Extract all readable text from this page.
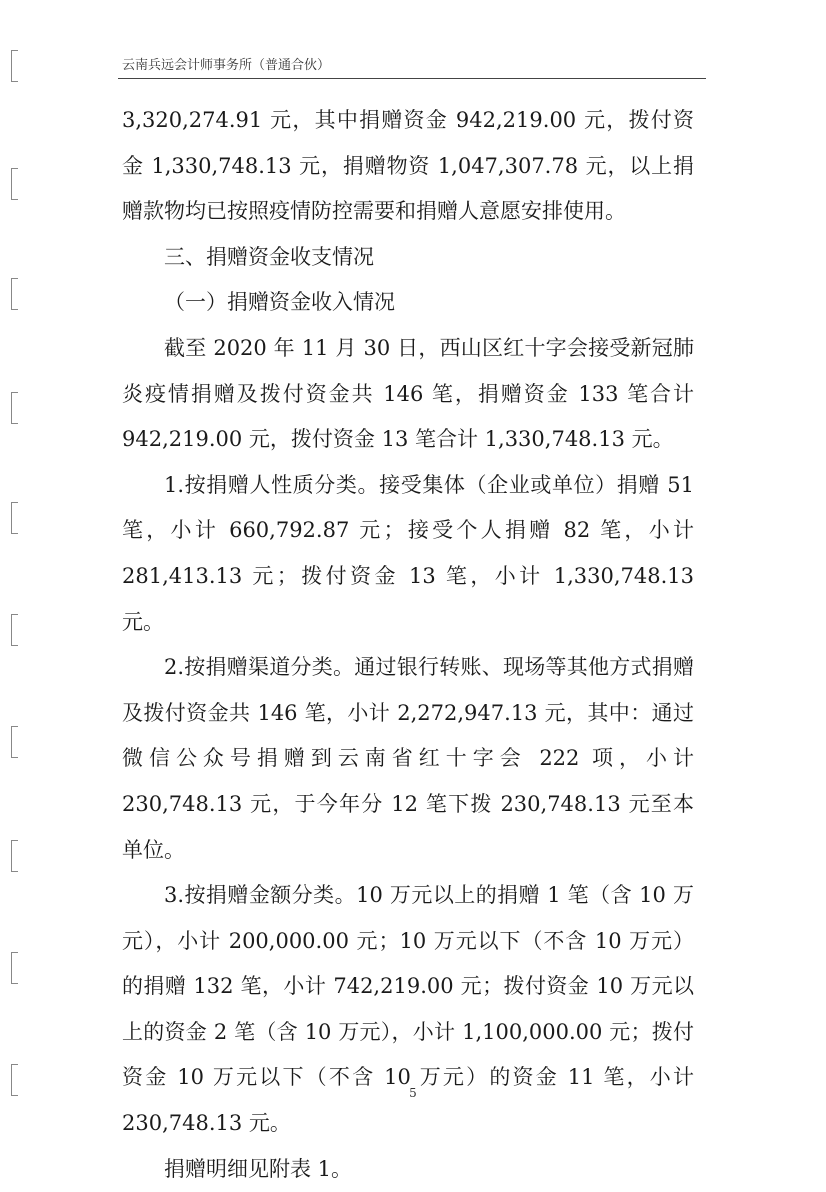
云南兵远会计师事务所（普通合伙）

3,320,274.91 元，其中捐赠资金 942,219.00 元，拨付资金 1,330,748.13 元，捐赠物资 1,047,307.78 元，以上捐赠款物均已按照疫情防控需要和捐赠人意愿安排使用。

三、捐赠资金收支情况

（一）捐赠资金收入情况

截至 2020 年 11 月 30 日，西山区红十字会接受新冠肺炎疫情捐赠及拨付资金共 146 笔，捐赠资金 133 笔合计 942,219.00 元，拨付资金 13 笔合计 1,330,748.13 元。

1.按捐赠人性质分类。接受集体（企业或单位）捐赠 51 笔，小计 660,792.87 元；接受个人捐赠 82 笔，小计 281,413.13 元；拨付资金 13 笔，小计 1,330,748.13 元。

2.按捐赠渠道分类。通过银行转账、现场等其他方式捐赠及拨付资金共 146 笔，小计 2,272,947.13 元，其中：通过微信公众号捐赠到云南省红十字会 222 项，小计 230,748.13 元，于今年分 12 笔下拨 230,748.13 元至本单位。

3.按捐赠金额分类。10 万元以上的捐赠 1 笔（含 10 万元），小计 200,000.00 元；10 万元以下（不含 10 万元）的捐赠 132 笔，小计 742,219.00 元；拨付资金 10 万元以上的资金 2 笔（含 10 万元），小计 1,100,000.00 元；拨付资金 10 万元以下（不含 10 万元）的资金 11 笔，小计 230,748.13 元。

捐赠明细见附表 1。

5
